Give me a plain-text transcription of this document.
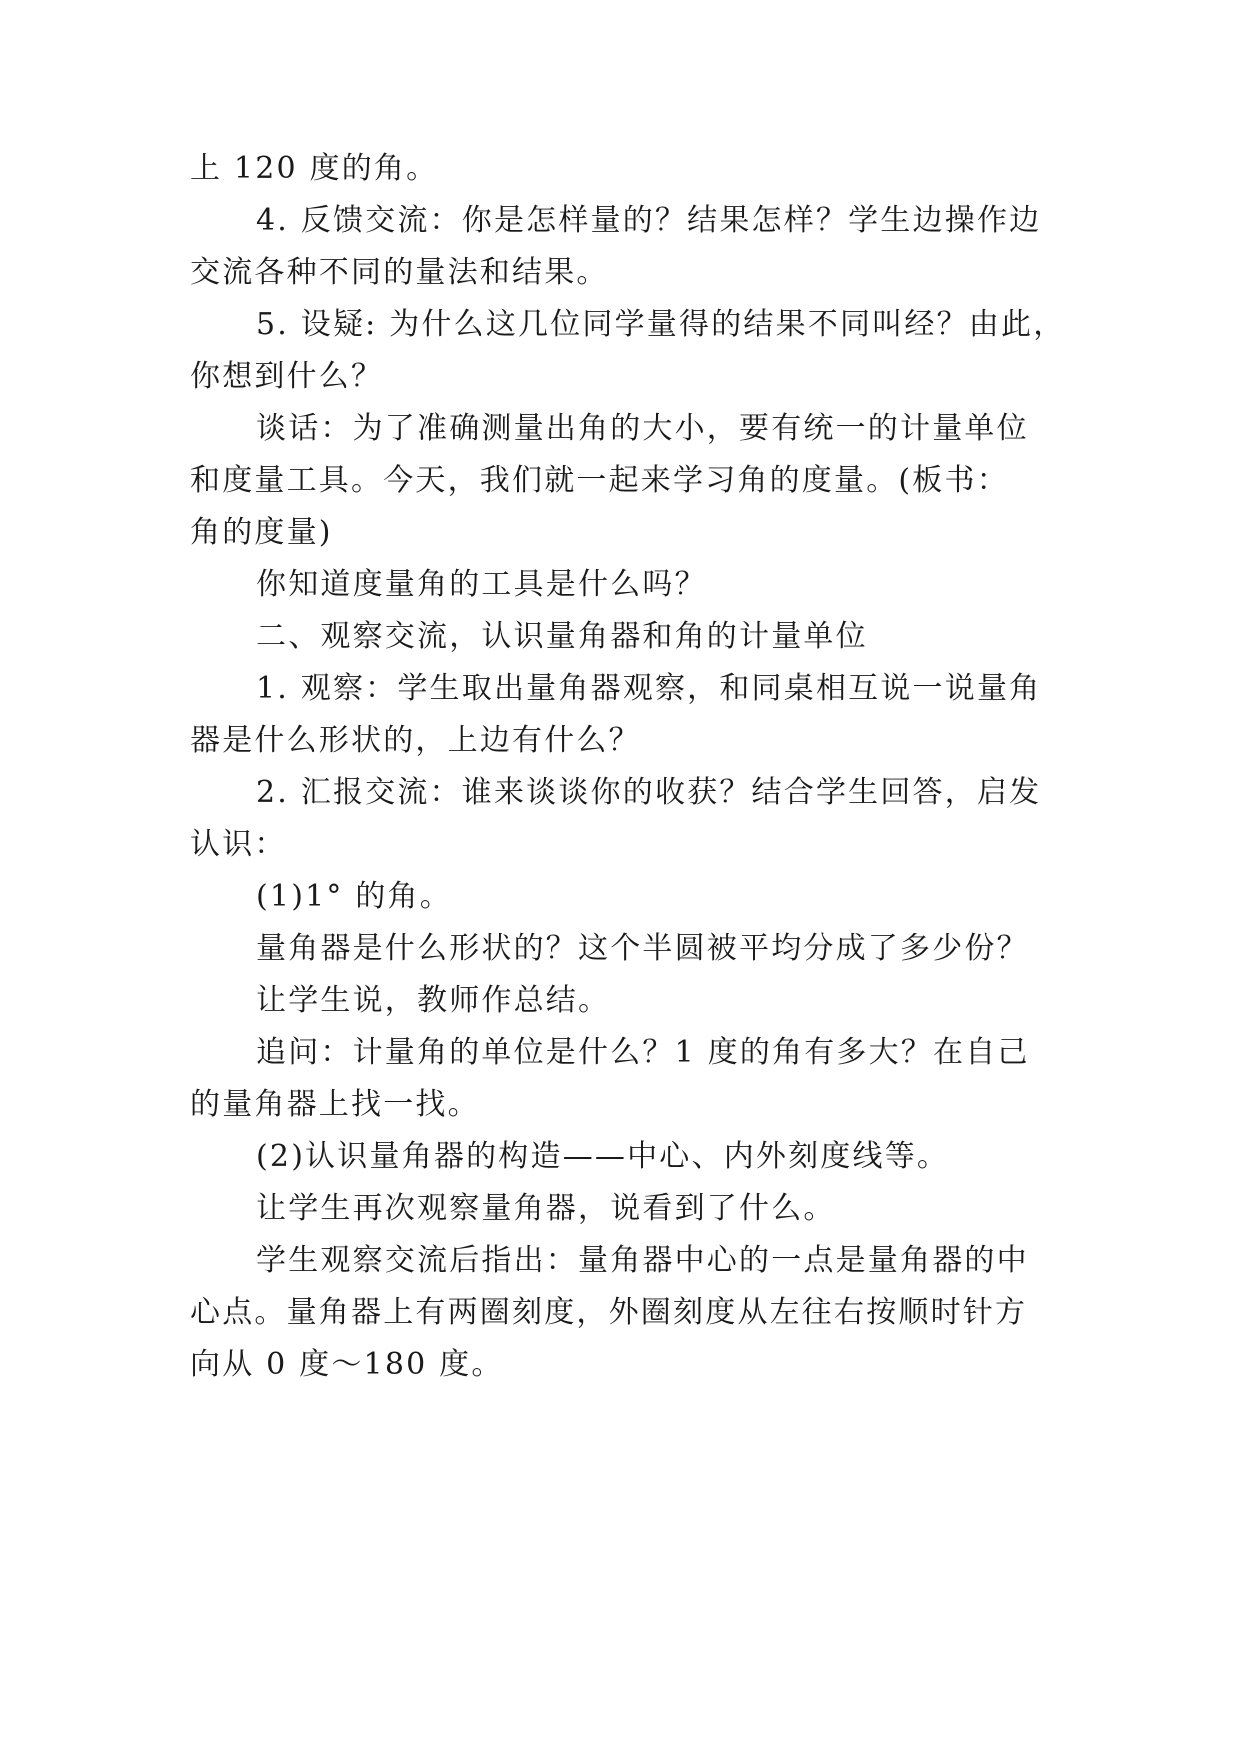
上 120 度的角。
4. 反馈交流：你是怎样量的？结果怎样？学生边操作边
交流各种不同的量法和结果。
5. 设疑: 为什么这几位同学量得的结果不同叫经？由此，
你想到什么？
谈话：为了准确测量出角的大小，要有统一的计量单位
和度量工具。今天，我们就一起来学习角的度量。(板书：
角的度量)
你知道度量角的工具是什么吗？
二、观察交流，认识量角器和角的计量单位
1. 观察：学生取出量角器观察，和同桌相互说一说量角
器是什么形状的，上边有什么？
2. 汇报交流：谁来谈谈你的收获？结合学生回答，启发
认识：
(1)1° 的角。
量角器是什么形状的？这个半圆被平均分成了多少份？
让学生说，教师作总结。
追问：计量角的单位是什么？1 度的角有多大？在自己
的量角器上找一找。
(2)认识量角器的构造——中心、内外刻度线等。
让学生再次观察量角器，说看到了什么。
学生观察交流后指出：量角器中心的一点是量角器的中
心点。量角器上有两圈刻度，外圈刻度从左往右按顺时针方
向从 0 度～180 度。
